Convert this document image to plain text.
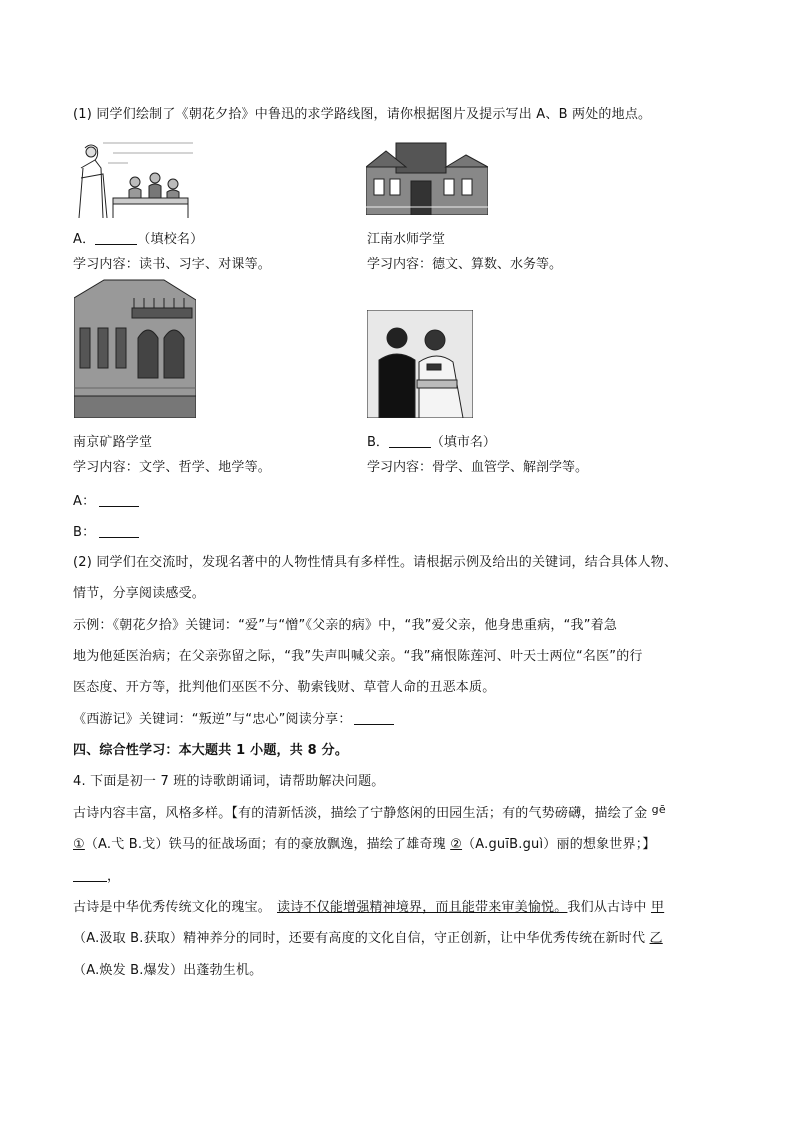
(1) 同学们绘制了《朝花夕拾》中鲁迅的求学路线图，请你根据图片及提示写出 A、B 两处的地点。
A．	（填校名）
学习内容：读书、习字、对课等。
江南水师学堂
学习内容：德文、算数、水务等。
南京矿路学堂
学习内容：文学、哲学、地学等。
B．	（填市名）
学习内容：骨学、血管学、解剖学等。
A：
B：
(2) 同学们在交流时，发现名著中的人物性情具有多样性。请根据示例及给出的关键词，结合具体人物、
情节，分享阅读感受。
示例：《朝花夕拾》关键词：“爱”与“憎”《父亲的病》中，“我”爱父亲，他身患重病，“我”着急
地为他延医治病；在父亲弥留之际，“我”失声叫喊父亲。“我”痛恨陈莲河、叶天士两位“名医”的行
医态度、开方等，批判他们巫医不分、勒索钱财、草菅人命的丑恶本质。
《西游记》关键词：“叛逆”与“忠心”阅读分享：
四、综合性学习：本大题共 1 小题，共 8 分。
4. 下面是初一 7 班的诗歌朗诵词，请帮助解决问题。
古诗内容丰富，风格多样。【有的清新恬淡，描绘了宁静悠闲的田园生活；有的气势磅礴，描绘了金 $^{gē}$
①（A.弋 B.戈）铁马的征战场面；有的豪放飘逸，描绘了雄奇瑰 ②（A.guīB.guì）丽的想象世界；】
，
古诗是中华优秀传统文化的瑰宝。 读诗不仅能增强精神境界，而且能带来审美愉悦。我们从古诗中 甲
（A.汲取 B.获取）精神养分的同时，还要有高度的文化自信，守正创新，让中华优秀传统在新时代 乙
（A.焕发 B.爆发）出蓬勃生机。
